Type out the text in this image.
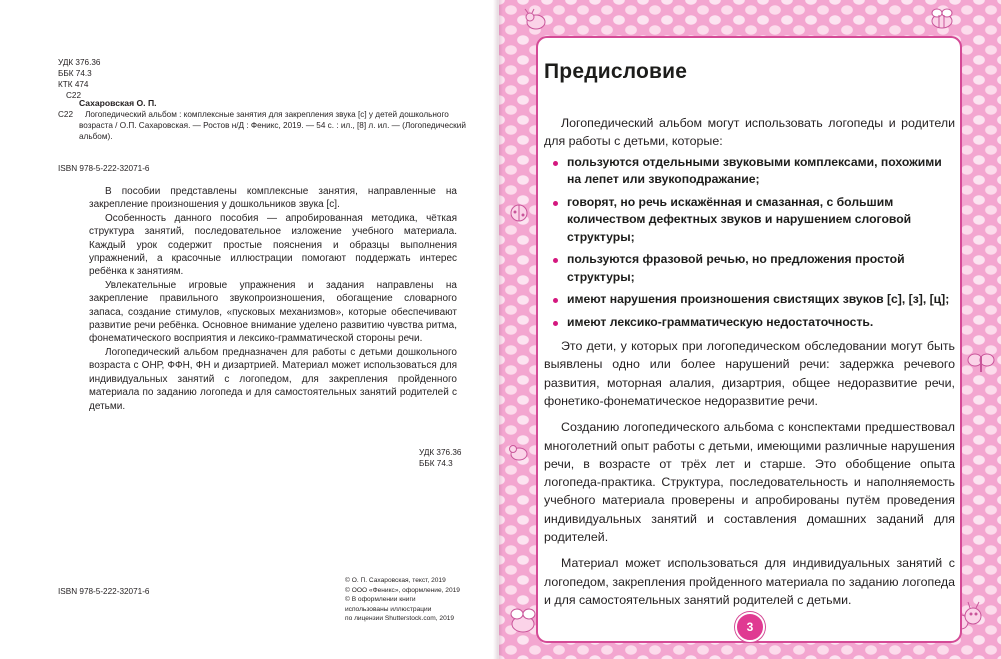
УДК 376.36
ББК 74.3
КТК 474
С22
Сахаровская О. П.
С22	Логопедический альбом : комплексные занятия для закрепления звука [с] у детей дошкольного
возраста / О.П. Сахаровская. — Ростов н/Д : Феникс, 2019. — 54 с. : ил., [8] л. ил. — (Логопедический
альбом).
ISBN 978-5-222-32071-6

В пособии представлены комплексные занятия, направленные на закрепление произношения у дошкольников звука [с].

Особенность данного пособия — апробированная методика, чёткая структура занятий, последовательное изложение учебного материала. Каждый урок содержит простые пояснения и образцы выполнения упражнений, а красочные иллюстрации помогают поддержать интерес ребёнка к занятиям.

Увлекательные игровые упражнения и задания направлены на закрепление правильного звукопроизношения, обогащение словарного запаса, создание стимулов, «пусковых механизмов», которые обеспечивают развитие речи ребёнка. Основное внимание уделено развитию чувства ритма, фонематического восприятия и лексико-грамматической стороны речи.

Логопедический альбом предназначен для работы с детьми дошкольного возраста с ОНР, ФФН, ФН и дизартрией. Материал может использоваться для индивидуальных занятий с логопедом, для закрепления пройденного материала по заданию логопеда и для самостоятельных занятий родителей с детьми.

УДК 376.36
ББК 74.3
ISBN 978-5-222-32071-6
© О. П. Сахаровская, текст, 2019
© ООО «Феникс», оформление, 2019
© В оформлении книги
использованы иллюстрации
по лицензии Shutterstock.com, 2019
Предисловие

Логопедический альбом могут использовать логопеды и родители для работы с детьми, которые:

пользуются отдельными звуковыми комплексами, похожими на лепет или звукоподражание;
говорят, но речь искажённая и смазанная, с большим количеством дефектных звуков и нарушением слоговой структуры;
пользуются фразовой речью, но предложения простой структуры;
имеют нарушения произношения свистящих звуков [с], [з], [ц];
имеют лексико-грамматическую недостаточность.

Это дети, у которых при логопедическом обследовании могут быть выявлены одно или более нарушений речи: задержка речевого развития, моторная алалия, дизартрия, общее недоразвитие речи, фонетико-фонематическое недоразвитие речи.

Созданию логопедического альбома с конспектами предшествовал многолетний опыт работы с детьми, имеющими различные нарушения речи, в возрасте от трёх лет и старше. Это обобщение опыта логопеда-практика. Структура, последовательность и наполняемость учебного материала проверены и апробированы путём проведения индивидуальных занятий и составления домашних заданий для родителей.

Материал может использоваться для индивидуальных занятий с логопедом, закрепления пройденного материала по заданию логопеда и для самостоятельных занятий родителей с детьми.

3
